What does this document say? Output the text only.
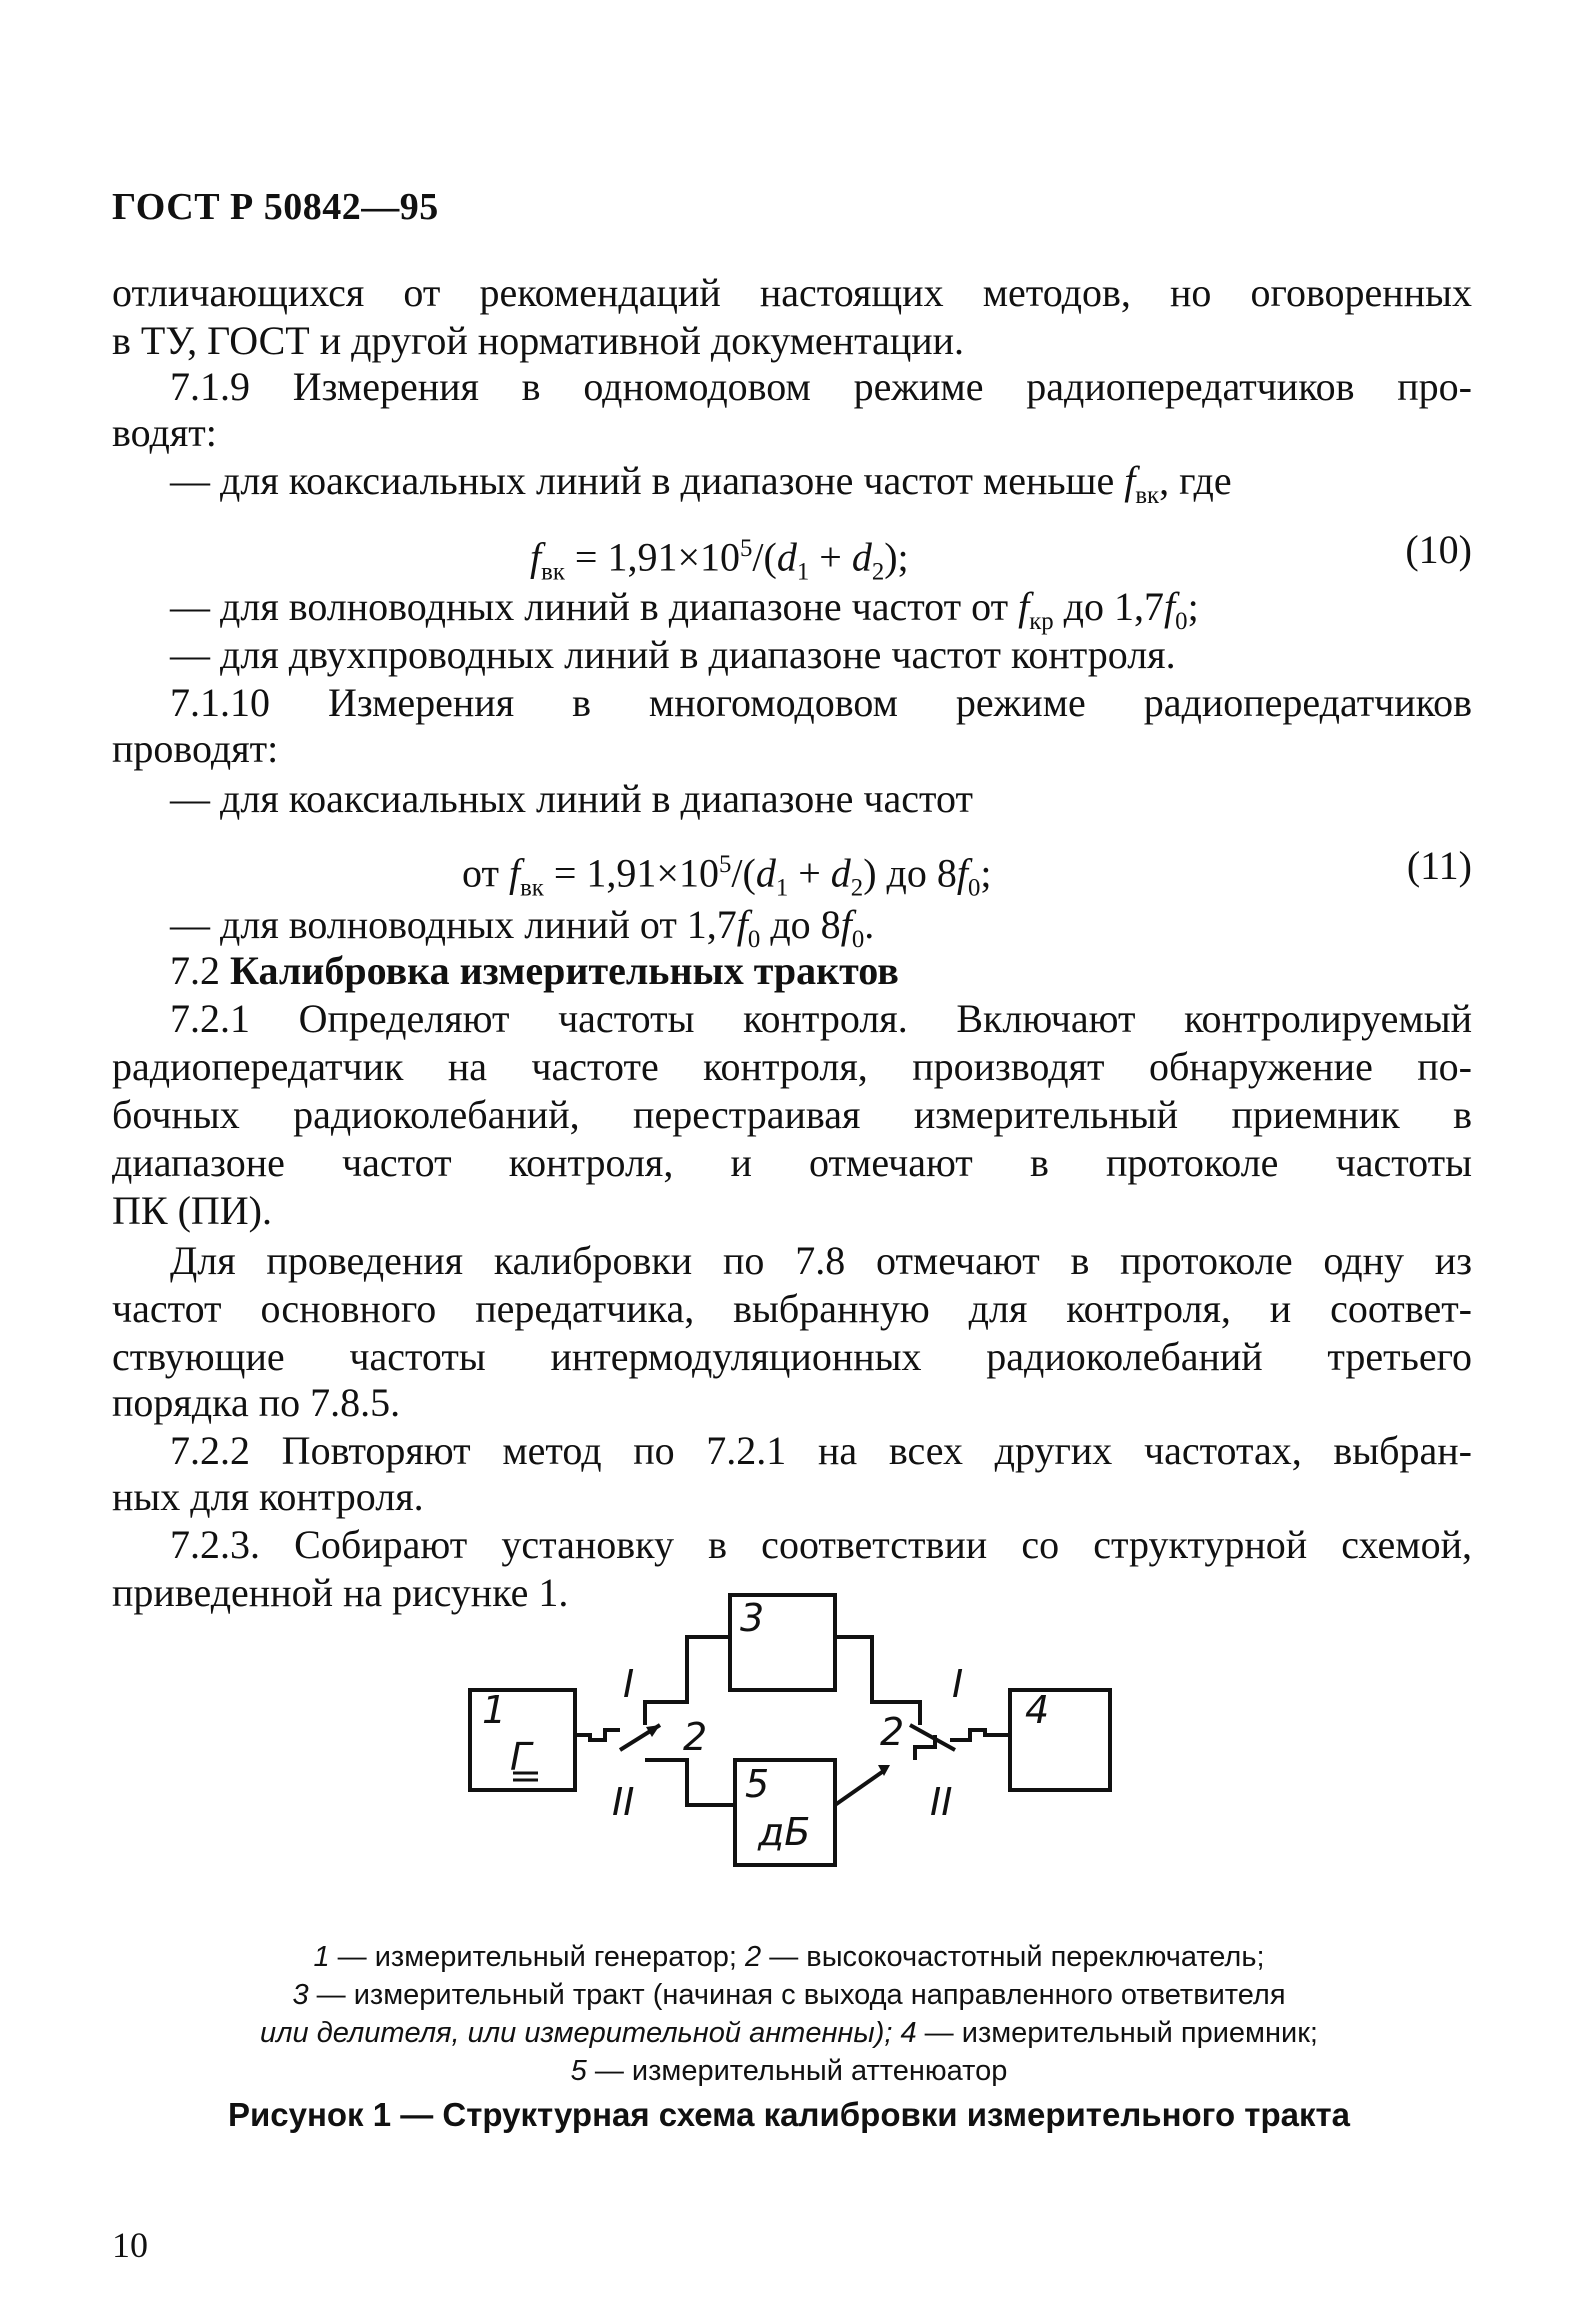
ГОСТ Р 50842—95
отличающихся от рекомендаций настоящих методов, но оговоренных
в ТУ, ГОСТ и другой нормативной документации.
7.1.9 Измерения в одномодовом режиме радиопередатчиков про-
водят:
— для коаксиальных линий в диапазоне частот меньше $f_{вк}$, где
$f_{вк} = 1,91\times 10^5/(d_1 + d_2)$;	(10)
— для волноводных линий в диапазоне частот от $f_{кр}$ до $1,7f_0$;
— для двухпроводных линий в диапазоне частот контроля.
7.1.10 Измерения в многомодовом режиме радиопередатчиков
проводят:
— для коаксиальных линий в диапазоне частот
от $f_{вк} = 1,91\times 10^5/(d_1 + d_2)$ до $8f_0$;	(11)
— для волноводных линий от $1,7f_0$ до $8f_0$.
7.2 Калибровка измерительных трактов
7.2.1 Определяют частоты контроля. Включают контролируемый
радиопередатчик на частоте контроля, производят обнаружение по-
бочных радиоколебаний, перестраивая измерительный приемник в
диапазоне частот контроля, и отмечают в протоколе частоты
ПК (ПИ).
Для проведения калибровки по 7.8 отмечают в протоколе одну из
частот основного передатчика, выбранную для контроля, и соответ-
ствующие частоты интермодуляционных радиоколебаний третьего
порядка по 7.8.5.
7.2.2 Повторяют метод по 7.2.1 на всех других частотах, выбран-
ных для контроля.
7.2.3. Собирают установку в соответствии со структурной схемой,
приведенной на рисунке 1.
1
Г
3
4
5
дБ
2	2
I	I
II	II
1 — измерительный генератор; 2 — высокочастотный переключатель;
3 — измерительный тракт (начиная с выхода направленного ответвителя
или делителя, или измерительной антенны); 4 — измерительный приемник;
5 — измерительный аттенюатор
Рисунок 1 — Структурная схема калибровки измерительного тракта
10
